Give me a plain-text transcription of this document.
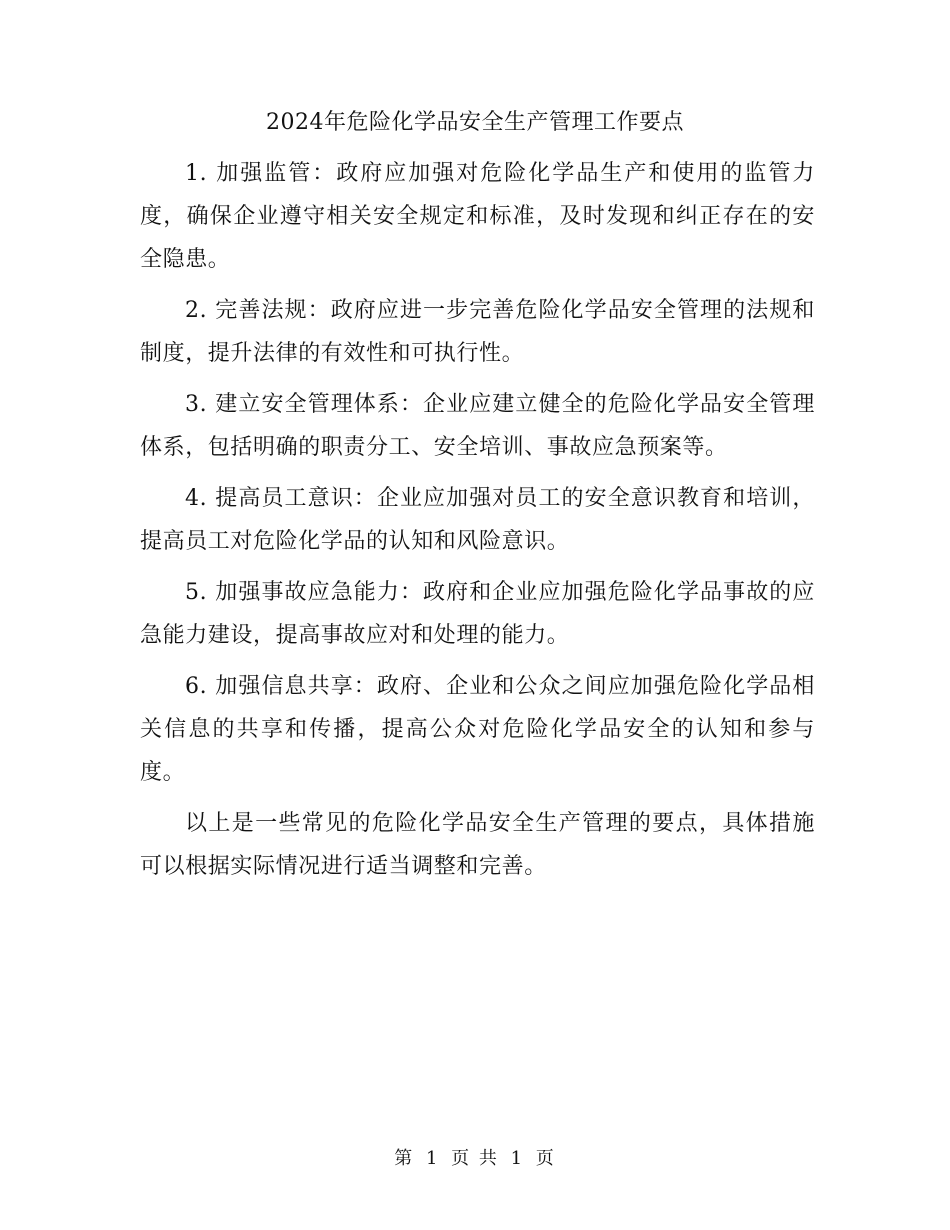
2024年危险化学品安全生产管理工作要点

1. 加强监管：政府应加强对危险化学品生产和使用的监管力度，确保企业遵守相关安全规定和标准，及时发现和纠正存在的安全隐患。

2. 完善法规：政府应进一步完善危险化学品安全管理的法规和制度，提升法律的有效性和可执行性。

3. 建立安全管理体系：企业应建立健全的危险化学品安全管理体系，包括明确的职责分工、安全培训、事故应急预案等。

4. 提高员工意识：企业应加强对员工的安全意识教育和培训，提高员工对危险化学品的认知和风险意识。

5. 加强事故应急能力：政府和企业应加强危险化学品事故的应急能力建设，提高事故应对和处理的能力。

6. 加强信息共享：政府、企业和公众之间应加强危险化学品相关信息的共享和传播，提高公众对危险化学品安全的认知和参与度。

以上是一些常见的危险化学品安全生产管理的要点，具体措施可以根据实际情况进行适当调整和完善。

第 1 页 共 1 页
